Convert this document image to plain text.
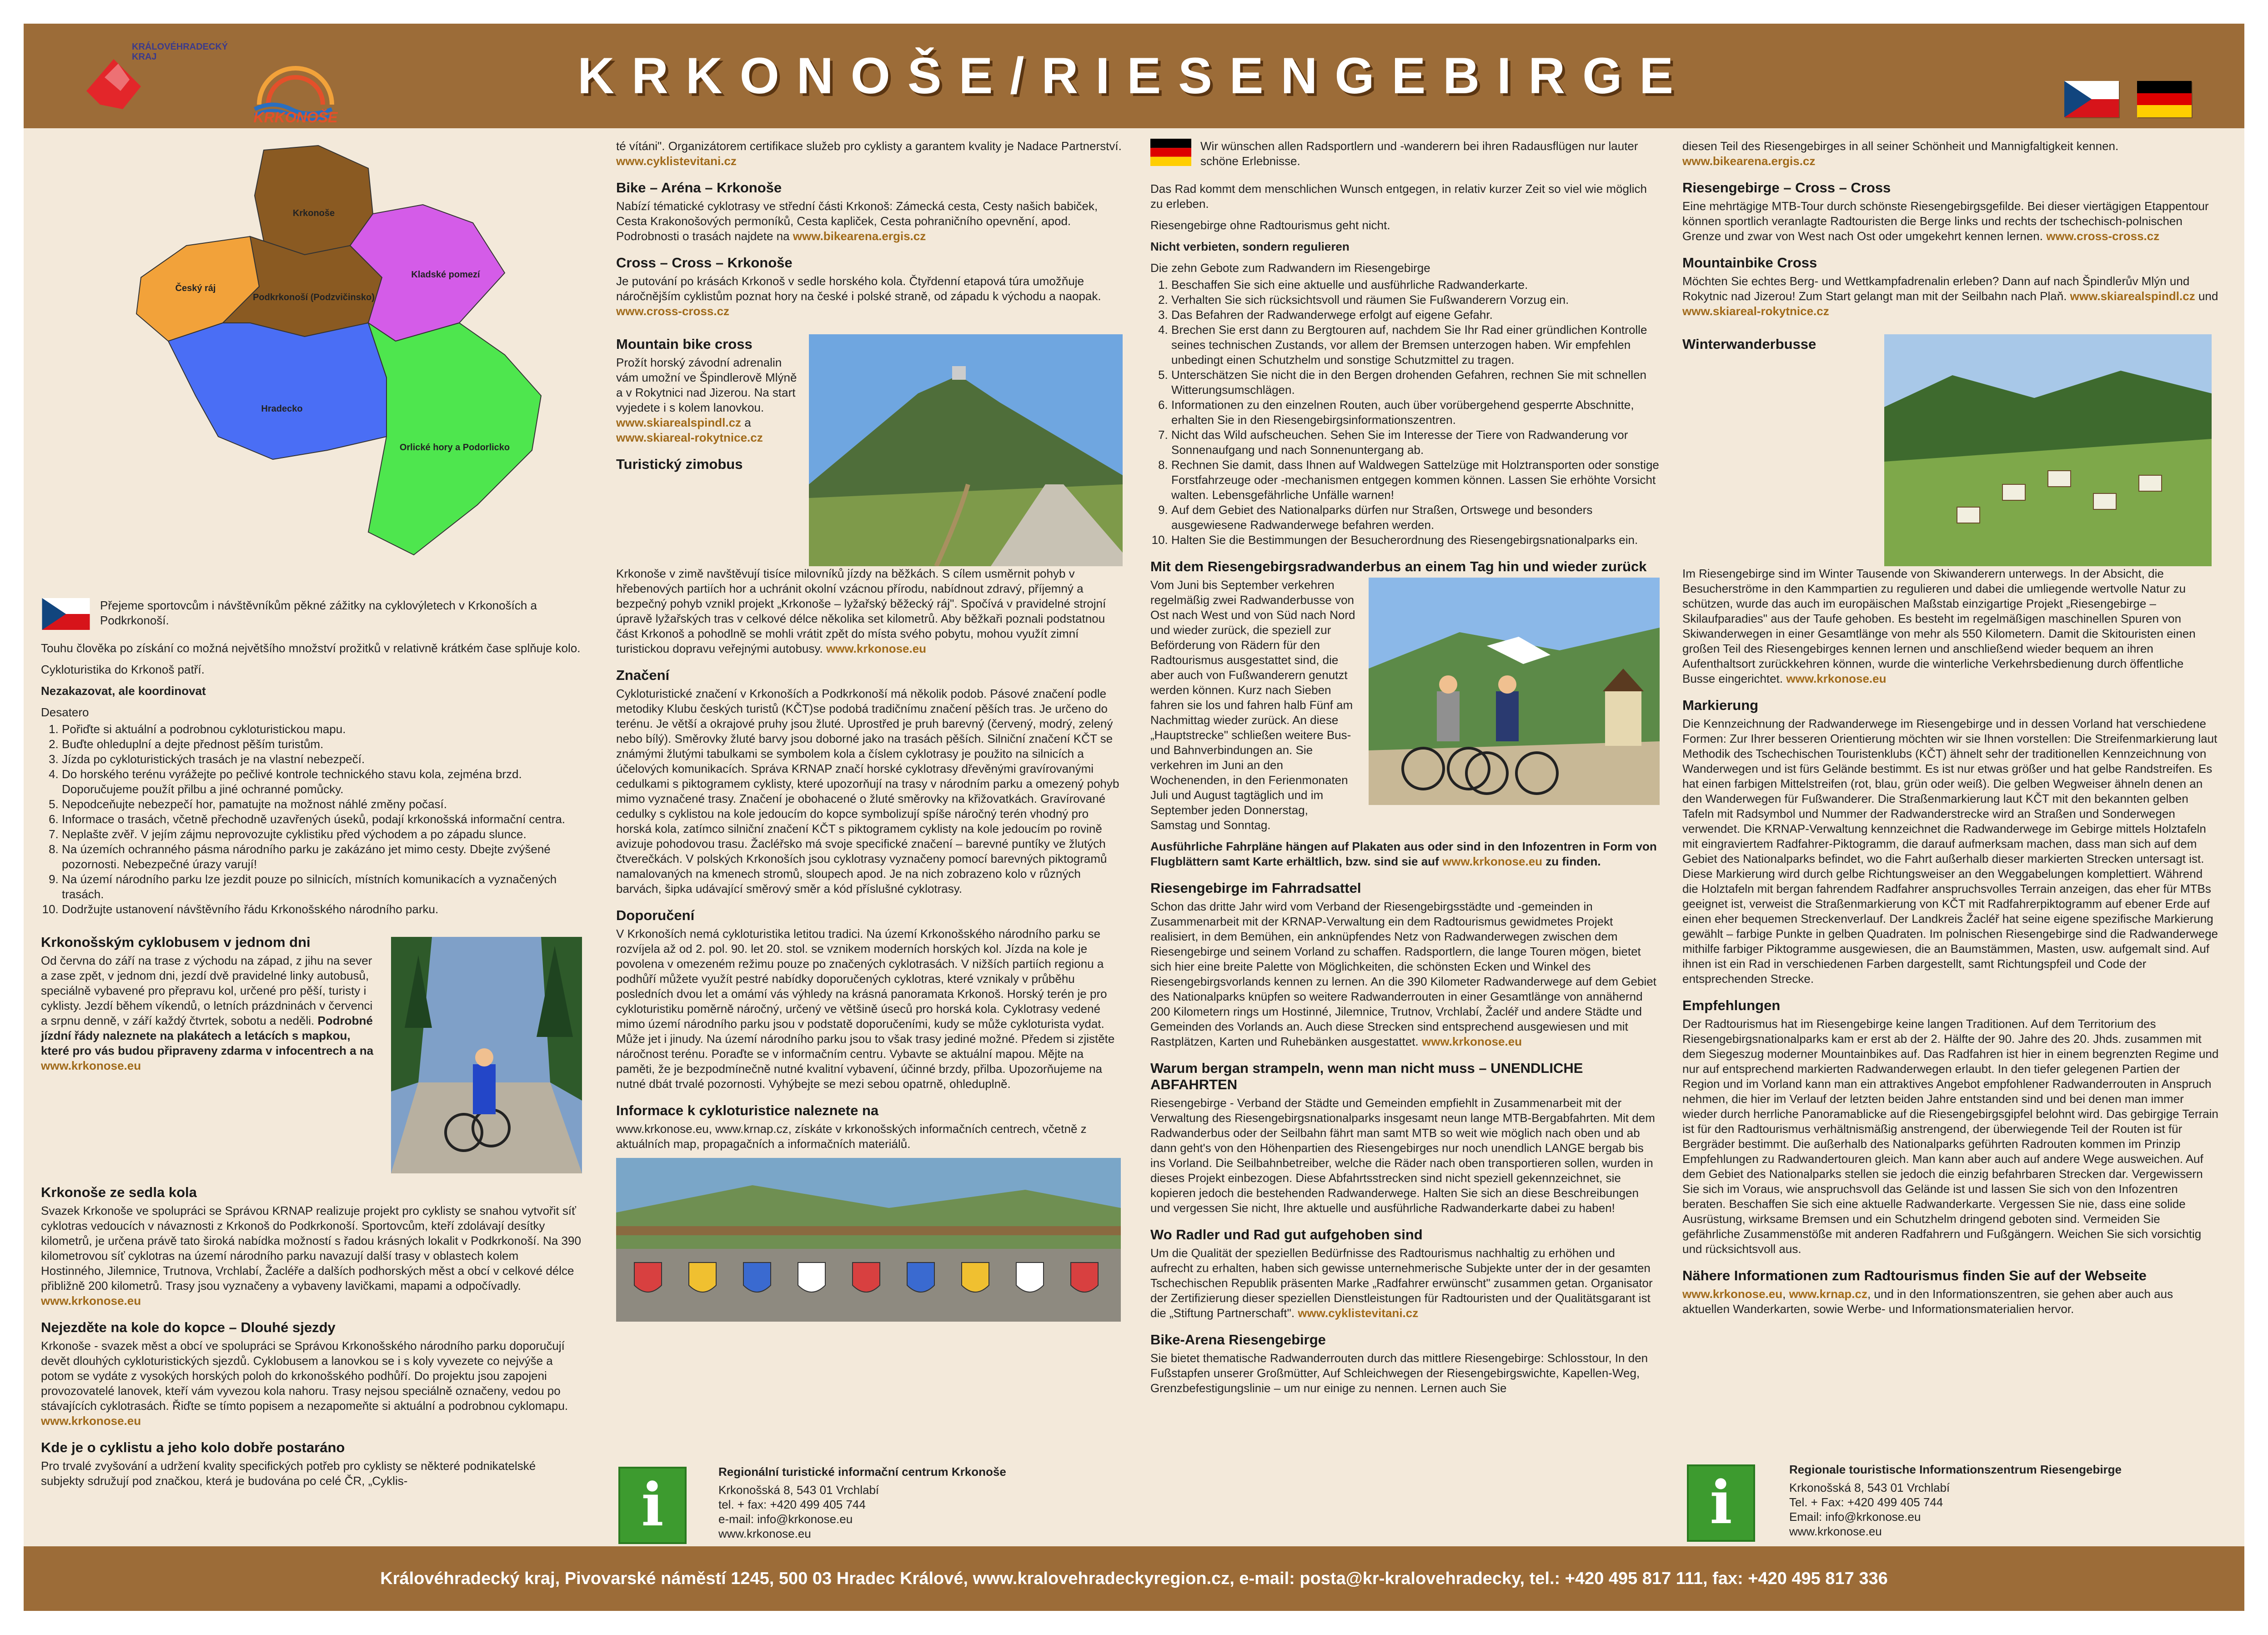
KRKONOŠE/RIESENGEBIRGE
KRÁLOVÉHRADECKÝ KRAJ
KRKONOŠE
Krkonoše
Český ráj
Podkrkonoší (Podzvičinsko)
Kladské pomezí
Hradecko
Orlické hory a Podorlicko

Přejeme sportovcům i návštěvníkům pěkné zážitky na cyklovýletech v Krkonoších a Podkrkonoší.

Touhu člověka po získání co možná největšího množství prožitků v relativně krátkém čase splňuje kolo.

Cykloturistika do Krkonoš patří.

Nezakazovat, ale koordinovat

Desatero

1. Pořiďte si aktuální a podrobnou cykloturistickou mapu.
2. Buďte ohleduplní a dejte přednost pěším turistům.
3. Jízda po cykloturistických trasách je na vlastní nebezpečí.
4. Do horského terénu vyrážejte po pečlivé kontrole technického stavu kola, zejména brzd. Doporučujeme použít přilbu a jiné ochranné pomůcky.
5. Nepodceňujte nebezpečí hor, pamatujte na možnost náhlé změny počasí.
6. Informace o trasách, včetně přechodně uzavřených úseků, podají krkonošská informační centra.
7. Neplašte zvěř. V jejím zájmu neprovozujte cyklistiku před východem a po západu slunce.
8. Na územích ochranného pásma národního parku je zakázáno jet mimo cesty. Dbejte zvýšené pozornosti. Nebezpečné úrazy varují!
9. Na území národního parku lze jezdit pouze po silnicích, místních komunikacích a vyznačených trasách.
10. Dodržujte ustanovení návštěvního řádu Krkonošského národního parku.
Krkonošským cyklobusem v jednom dni

Od června do září na trase z východu na západ, z jihu na sever a zase zpět, v jednom dni, jezdí dvě pravidelné linky autobusů, speciálně vybavené pro přepravu kol, určené pro pěší, turisty i cyklisty. Jezdí během víkendů, o letních prázdninách v červenci a srpnu denně, v září každý čtvrtek, sobotu a neděli. Podrobné jízdní řády naleznete na plakátech a letácích s mapkou, které pro vás budou připraveny zdarma v infocentrech a na www.krkonose.eu

Krkonoše ze sedla kola

Svazek Krkonoše ve spolupráci se Správou KRNAP realizuje projekt pro cyklisty se snahou vytvořit síť cyklotras vedoucích v návaznosti z Krkonoš do Podkrkonoší. Sportovcům, kteří zdolávají desítky kilometrů, je určena právě tato široká nabídka možností s řadou krásných lokalit v Podkrkonoší. Na 390 kilometrovou síť cyklotras na území národního parku navazují další trasy v oblastech kolem Hostinného, Jilemnice, Trutnova, Vrchlabí, Žacléře a dalších podhorských měst a obcí v celkové délce přibližně 200 kilometrů. Trasy jsou vyznačeny a vybaveny lavičkami, mapami a odpočívadly. www.krkonose.eu

Nejezděte na kole do kopce – Dlouhé sjezdy

Krkonoše - svazek měst a obcí ve spolupráci se Správou Krkonošského národního parku doporučují devět dlouhých cykloturistických sjezdů. Cyklobusem a lanovkou se i s koly vyvezete co nejvýše a potom se vydáte z vysokých horských poloh do krkonošského podhůří. Do projektu jsou zapojeni provozovatelé lanovek, kteří vám vyvezou kola nahoru. Trasy nejsou speciálně označeny, vedou po stávajících cyklotrasách. Řiďte se tímto popisem a nezapomeňte si aktuální a podrobnou cyklomapu. www.krkonose.eu

Kde je o cyklistu a jeho kolo dobře postaráno

Pro trvalé zvyšování a udržení kvality specifických potřeb pro cyklisty se některé podnikatelské subjekty sdružují pod značkou, která je budována po celé ČR, „Cyklis-

té vítáni". Organizátorem certifikace služeb pro cyklisty a garantem kvality je Nadace Partnerství. www.cyklistevitani.cz

Bike – Aréna – Krkonoše

Nabízí tématické cyklotrasy ve střední části Krkonoš: Zámecká cesta, Cesty našich babiček, Cesta Krakonošových permoníků, Cesta kapliček, Cesta pohraničního opevnění, apod. Podrobnosti o trasách najdete na www.bikearena.ergis.cz

Cross – Cross – Krkonoše

Je putování po krásách Krkonoš v sedle horského kola. Čtyřdenní etapová túra umožňuje náročnějším cyklistům poznat hory na české i polské straně, od západu k východu a naopak. www.cross-cross.cz

Mountain bike cross

Prožít horský závodní adrenalin vám umožní ve Špindlerově Mlýně a v Rokytnici nad Jizerou. Na start vyjedete i s kolem lanovkou. www.skiarealspindl.cz a www.skiareal-rokytnice.cz

Turistický zimobus

Krkonoše v zimě navštěvují tisíce milovníků jízdy na běžkách. S cílem usměrnit pohyb v hřebenových partiích hor a uchránit okolní vzácnou přírodu, nabídnout zdravý, příjemný a bezpečný pohyb vznikl projekt „Krkonoše – lyžařský běžecký ráj". Spočívá v pravidelné strojní úpravě lyžařských tras v celkové délce několika set kilometrů. Aby běžkaři poznali podstatnou část Krkonoš a pohodlně se mohli vrátit zpět do místa svého pobytu, mohou využít zimní turistickou dopravu veřejnými autobusy. www.krkonose.eu

Značení

Cykloturistické značení v Krkonoších a Podkrkonoší má několik podob. Pásové značení podle metodiky Klubu českých turistů (KČT)se podobá tradičnímu značení pěších tras. Je určeno do terénu. Je větší a okrajové pruhy jsou žluté. Uprostřed je pruh barevný (červený, modrý, zelený nebo bílý). Směrovky žluté barvy jsou doborné jako na trasách pěších. Silniční značení KČT se známými žlutými tabulkami se symbolem kola a číslem cyklotrasy je použito na silnicích a účelových komunikacích. Správa KRNAP značí horské cyklotrasy dřevěnými gravírovanými cedulkami s piktogramem cyklisty, které upozorňují na trasy v národním parku a omezený pohyb mimo vyznačené trasy. Značení je obohacené o žluté směrovky na křižovatkách. Gravírované cedulky s cyklistou na kole jedoucím do kopce symbolizují spíše náročný terén vhodný pro horská kola, zatímco silniční značení KČT s piktogramem cyklisty na kole jedoucím po rovině avizuje pohodovou trasu. Žacléřsko má svoje specifické značení – barevné puntíky ve žlutých čtverečkách. V polských Krkonoších jsou cyklotrasy vyznačeny pomocí barevných piktogramů namalovaných na kmenech stromů, sloupech apod. Je na nich zobrazeno kolo v různých barvách, šipka udávající směrový směr a kód příslušné cyklotrasy.

Doporučení

V Krkonoších nemá cykloturistika letitou tradici. Na území Krkonošského národního parku se rozvíjela až od 2. pol. 90. let 20. stol. se vznikem moderních horských kol. Jízda na kole je povolena v omezeném režimu pouze po značených cyklotrasách. V nižších partiích regionu a podhůří můžete využít pestré nabídky doporučených cyklotras, které vznikaly v průběhu posledních dvou let a omámí vás výhledy na krásná panoramata Krkonoš. Horský terén je pro cykloturistiku poměrně náročný, určený ve většině úseců pro horská kola. Cyklotrasy vedené mimo území národního parku jsou v podstatě doporučeními, kudy se může cykloturista vydat. Může jet i jinudy. Na území národního parku jsou to však trasy jediné možné. Předem si zjistěte náročnost terénu. Poraďte se v informačním centru. Vybavte se aktuální mapou. Mějte na paměti, že je bezpodmínečně nutné kvalitní vybavení, účinné brzdy, přilba. Upozorňujeme na nutné dbát trvalé pozornosti. Vyhýbejte se mezi sebou opatrně, ohleduplně.

Informace k cykloturistice naleznete na

www.krkonose.eu, www.krnap.cz, získáte v krkonošských informačních centrech, včetně z aktuálních map, propagačních a informačních materiálů.

i	Regionální turistické informační centrum Krkonoše
Krkonošská 8, 543 01 Vrchlabí
tel. + fax: +420 499 405 744
e-mail: info@krkonose.eu
www.krkonose.eu

Wir wünschen allen Radsportlern und -wanderern bei ihren Radausflügen nur lauter schöne Erlebnisse.

Das Rad kommt dem menschlichen Wunsch entgegen, in relativ kurzer Zeit so viel wie möglich zu erleben.

Riesengebirge ohne Radtourismus geht nicht.

Nicht verbieten, sondern regulieren

Die zehn Gebote zum Radwandern im Riesengebirge

1. Beschaffen Sie sich eine aktuelle und ausführliche Radwanderkarte.
2. Verhalten Sie sich rücksichtsvoll und räumen Sie Fußwanderern Vorzug ein.
3. Das Befahren der Radwanderwege erfolgt auf eigene Gefahr.
4. Brechen Sie erst dann zu Bergtouren auf, nachdem Sie Ihr Rad einer gründlichen Kontrolle seines technischen Zustands, vor allem der Bremsen unterzogen haben. Wir empfehlen unbedingt einen Schutzhelm und sonstige Schutzmittel zu tragen.
5. Unterschätzen Sie nicht die in den Bergen drohenden Gefahren, rechnen Sie mit schnellen Witterungsumschlägen.
6. Informationen zu den einzelnen Routen, auch über vorübergehend gesperrte Abschnitte, erhalten Sie in den Riesengebirgsinformationszentren.
7. Nicht das Wild aufscheuchen. Sehen Sie im Interesse der Tiere von Radwanderung vor Sonnenaufgang und nach Sonnenuntergang ab.
8. Rechnen Sie damit, dass Ihnen auf Waldwegen Sattelzüge mit Holztransporten oder sonstige Forstfahrzeuge oder -mechanismen entgegen kommen können. Lassen Sie erhöhte Vorsicht walten. Lebensgefährliche Unfälle warnen!
9. Auf dem Gebiet des Nationalparks dürfen nur Straßen, Ortswege und besonders ausgewiesene Radwanderwege befahren werden.
10. Halten Sie die Bestimmungen der Besucherordnung des Riesengebirgsnationalparks ein.
Mit dem Riesengebirgsradwanderbus an einem Tag hin und wieder zurück

Vom Juni bis September verkehren regelmäßig zwei Radwanderbusse von Ost nach West und von Süd nach Nord und wieder zurück, die speziell zur Beförderung von Rädern für den Radtourismus ausgestattet sind, die aber auch von Fußwanderern genutzt werden können. Kurz nach Sieben fahren sie los und fahren halb Fünf am Nachmittag wieder zurück. An diese „Hauptstrecke" schließen weitere Bus- und Bahnverbindungen an. Sie verkehren im Juni an den Wochenenden, in den Ferienmonaten Juli und August tagtäglich und im September jeden Donnerstag, Samstag und Sonntag.

Ausführliche Fahrpläne hängen auf Plakaten aus oder sind in den Infozentren in Form von Flugblättern samt Karte erhältlich, bzw. sind sie auf www.krkonose.eu zu finden.

Riesengebirge im Fahrradsattel

Schon das dritte Jahr wird vom Verband der Riesengebirgsstädte und -gemeinden in Zusammenarbeit mit der KRNAP-Verwaltung ein dem Radtourismus gewidmetes Projekt realisiert, in dem Bemühen, ein anknüpfendes Netz von Radwanderwegen zwischen dem Riesengebirge und seinem Vorland zu schaffen. Radsportlern, die lange Touren mögen, bietet sich hier eine breite Palette von Möglichkeiten, die schönsten Ecken und Winkel des Riesengebirgsvorlands kennen zu lernen. An die 390 Kilometer Radwanderwege auf dem Gebiet des Nationalparks knüpfen so weitere Radwanderrouten in einer Gesamtlänge von annähernd 200 Kilometern rings um Hostinné, Jilemnice, Trutnov, Vrchlabí, Žacléř und andere Städte und Gemeinden des Vorlands an. Auch diese Strecken sind entsprechend ausgewiesen und mit Rastplätzen, Karten und Ruhebänken ausgestattet. www.krkonose.eu

Warum bergan strampeln, wenn man nicht muss – UNENDLICHE ABFAHRTEN

Riesengebirge - Verband der Städte und Gemeinden empfiehlt in Zusammenarbeit mit der Verwaltung des Riesengebirgsnationalparks insgesamt neun lange MTB-Bergabfahrten. Mit dem Radwanderbus oder der Seilbahn fährt man samt MTB so weit wie möglich nach oben und ab dann geht's von den Höhenpartien des Riesengebirges nur noch unendlich LANGE bergab bis ins Vorland. Die Seilbahnbetreiber, welche die Räder nach oben transportieren sollen, wurden in dieses Projekt einbezogen. Diese Abfahrtsstrecken sind nicht speziell gekennzeichnet, sie kopieren jedoch die bestehenden Radwanderwege. Halten Sie sich an diese Beschreibungen und vergessen Sie nicht, Ihre aktuelle und ausführliche Radwanderkarte dabei zu haben!

Wo Radler und Rad gut aufgehoben sind

Um die Qualität der speziellen Bedürfnisse des Radtourismus nachhaltig zu erhöhen und aufrecht zu erhalten, haben sich gewisse unternehmerische Subjekte unter der in der gesamten Tschechischen Republik präsenten Marke „Radfahrer erwünscht" zusammen getan. Organisator der Zertifizierung dieser speziellen Dienstleistungen für Radtouristen und der Qualitätsgarant ist die „Stiftung Partnerschaft". www.cyklistevitani.cz

Bike-Arena Riesengebirge

Sie bietet thematische Radwanderrouten durch das mittlere Riesengebirge: Schlosstour, In den Fußstapfen unserer Großmütter, Auf Schleichwegen der Riesengebirgswichte, Kapellen-Weg, Grenzbefestigungslinie – um nur einige zu nennen. Lernen auch Sie

diesen Teil des Riesengebirges in all seiner Schönheit und Mannigfaltigkeit kennen. www.bikearena.ergis.cz

Riesengebirge – Cross – Cross

Eine mehrtägige MTB-Tour durch schönste Riesengebirgsgefilde. Bei dieser viertägigen Etappentour können sportlich veranlagte Radtouristen die Berge links und rechts der tschechisch-polnischen Grenze und zwar von West nach Ost oder umgekehrt kennen lernen. www.cross-cross.cz

Mountainbike Cross

Möchten Sie echtes Berg- und Wettkampfadrenalin erleben? Dann auf nach Špindlerův Mlýn und Rokytnic nad Jizerou! Zum Start gelangt man mit der Seilbahn nach Plaň. www.skiarealspindl.cz und www.skiareal-rokytnice.cz

Winterwanderbusse

Im Riesengebirge sind im Winter Tausende von Skiwanderern unterwegs. In der Absicht, die Besucherströme in den Kammpartien zu regulieren und dabei die umliegende wertvolle Natur zu schützen, wurde das auch im europäischen Maßstab einzigartige Projekt „Riesengebirge – Skilaufparadies" aus der Taufe gehoben. Es besteht im regelmäßigen maschinellen Spuren von Skiwanderwegen in einer Gesamtlänge von mehr als 550 Kilometern. Damit die Skitouristen einen großen Teil des Riesengebirges kennen lernen und anschließend wieder bequem an ihren Aufenthaltsort zurückkehren können, wurde die winterliche Verkehrsbedienung durch öffentliche Busse eingerichtet. www.krkonose.eu

Markierung

Die Kennzeichnung der Radwanderwege im Riesengebirge und in dessen Vorland hat verschiedene Formen: Zur Ihrer besseren Orientierung möchten wir sie Ihnen vorstellen: Die Streifenmarkierung laut Methodik des Tschechischen Touristenklubs (KČT) ähnelt sehr der traditionellen Kennzeichnung von Wanderwegen und ist fürs Gelände bestimmt. Es ist nur etwas größer und hat gelbe Randstreifen. Es hat einen farbigen Mittelstreifen (rot, blau, grün oder weiß). Die gelben Wegweiser ähneln denen an den Wanderwegen für Fußwanderer. Die Straßenmarkierung laut KČT mit den bekannten gelben Tafeln mit Radsymbol und Nummer der Radwanderstrecke wird an Straßen und Sonderwegen verwendet. Die KRNAP-Verwaltung kennzeichnet die Radwanderwege im Gebirge mittels Holztafeln mit eingraviertem Radfahrer-Piktogramm, die darauf aufmerksam machen, dass man sich auf dem Gebiet des Nationalparks befindet, wo die Fahrt außerhalb dieser markierten Strecken untersagt ist. Diese Markierung wird durch gelbe Richtungsweiser an den Weggabelungen komplettiert. Während die Holztafeln mit bergan fahrendem Radfahrer anspruchsvolles Terrain anzeigen, das eher für MTBs geeignet ist, verweist die Straßenmarkierung von KČT mit Radfahrerpiktogramm auf ebener Erde auf einen eher bequemen Streckenverlauf. Der Landkreis Žacléř hat seine eigene spezifische Markierung gewählt – farbige Punkte in gelben Quadraten. Im polnischen Riesengebirge sind die Radwanderwege mithilfe farbiger Piktogramme ausgewiesen, die an Baumstämmen, Masten, usw. aufgemalt sind. Auf ihnen ist ein Rad in verschiedenen Farben dargestellt, samt Richtungspfeil und Code der entsprechenden Strecke.

Empfehlungen

Der Radtourismus hat im Riesengebirge keine langen Traditionen. Auf dem Territorium des Riesengebirgsnationalparks kam er erst ab der 2. Hälfte der 90. Jahre des 20. Jhds. zusammen mit dem Siegeszug moderner Mountainbikes auf. Das Radfahren ist hier in einem begrenzten Regime und nur auf entsprechend markierten Radwanderwegen erlaubt. In den tiefer gelegenen Partien der Region und im Vorland kann man ein attraktives Angebot empfohlener Radwanderrouten in Anspruch nehmen, die hier im Verlauf der letzten beiden Jahre entstanden sind und bei denen man immer wieder durch herrliche Panoramablicke auf die Riesengebirgsgipfel belohnt wird. Das gebirgige Terrain ist für den Radtourismus verhältnismäßig anstrengend, der überwiegende Teil der Routen ist für Bergräder bestimmt. Die außerhalb des Nationalparks geführten Radrouten kommen im Prinzip Empfehlungen zu Radwandertouren gleich. Man kann aber auch auf andere Wege ausweichen. Auf dem Gebiet des Nationalparks stellen sie jedoch die einzig befahrbaren Strecken dar. Vergewissern Sie sich im Voraus, wie anspruchsvoll das Gelände ist und lassen Sie sich von den Infozentren beraten. Beschaffen Sie sich eine aktuelle Radwanderkarte. Vergessen Sie nie, dass eine solide Ausrüstung, wirksame Bremsen und ein Schutzhelm dringend geboten sind. Vermeiden Sie gefährliche Zusammenstöße mit anderen Radfahrern und Fußgängern. Weichen Sie sich vorsichtig und rücksichtsvoll aus.

Nähere Informationen zum Radtourismus finden Sie auf der Webseite

www.krkonose.eu, www.krnap.cz, und in den Informationszentren, sie gehen aber auch aus aktuellen Wanderkarten, sowie Werbe- und Informationsmaterialien hervor.

i	Regionale touristische Informationszentrum Riesengebirge
Krkonošská 8, 543 01 Vrchlabí
Tel. + Fax: +420 499 405 744
Email: info@krkonose.eu
www.krkonose.eu
Královéhradecký kraj, Pivovarské náměstí 1245, 500 03 Hradec Králové, www.kralovehradeckyregion.cz, e-mail: posta@kr-kralovehradecky, tel.: +420 495 817 111, fax: +420 495 817 336
